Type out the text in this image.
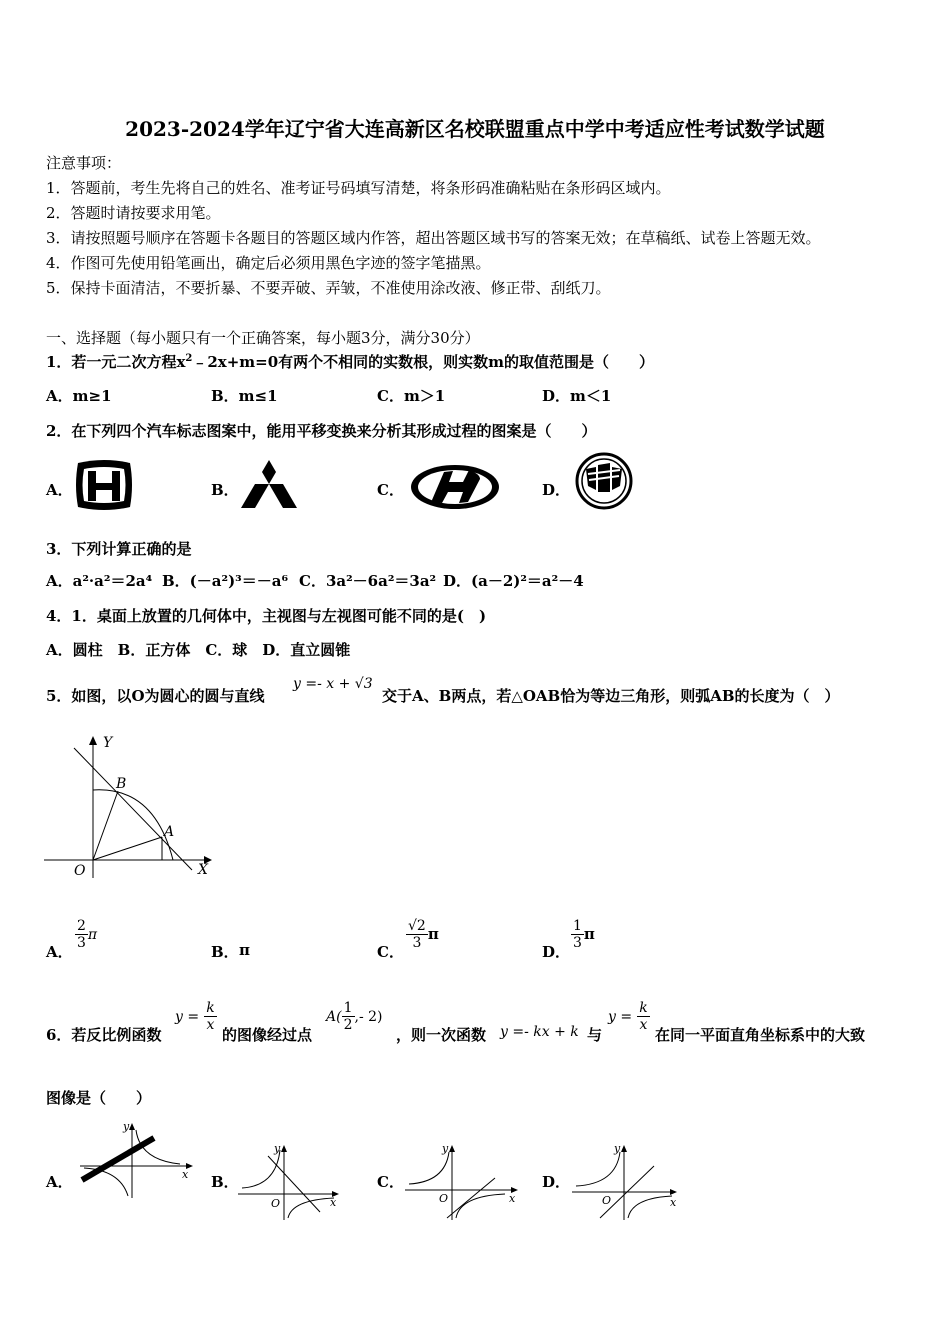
2023-2024学年辽宁省大连高新区名校联盟重点中学中考适应性考试数学试题
注意事项：
1．答题前，考生先将自己的姓名、准考证号码填写清楚，将条形码准确粘贴在条形码区域内。
2．答题时请按要求用笔。
3．请按照题号顺序在答题卡各题目的答题区域内作答，超出答题区域书写的答案无效；在草稿纸、试卷上答题无效。
4．作图可先使用铅笔画出，确定后必须用黑色字迹的签字笔描黑。
5．保持卡面清洁，不要折暴、不要弄破、弄皱，不准使用涂改液、修正带、刮纸刀。
一、选择题（每小题只有一个正确答案，每小题3分，满分30分）
1．若一元二次方程$x^2﹣2x+m=0$有两个不相同的实数根，则实数m的取值范围是（　　）
A．m≥1	B．m≤1	C．m＞1	D．m＜1
2．在下列四个汽车标志图案中，能用平移变换来分析其形成过程的图案是（　　）
A．	B．	C．	D．
3．下列计算正确的是
A．a²·a²＝2a⁴ B．(－a²)³＝－a⁶ C．3a²－6a²＝3a² D．(a－2)²＝a²－4
4．1．桌面上放置的几何体中，主视图与左视图可能不同的是(　)
A．圆柱　B．正方体　C．球　D．直立圆锥
5．如图，以O为圆心的圆与直线
y =- x + √3
交于A、B两点，若△OAB恰为等边三角形，则弧AB的长度为（　）
Y
X
O
A
B
A．
$\frac{2}{3}$ π
B． π	C．
$\frac{√2}{3}$ π
D．
$\frac{1}{3}$ π
6．若反比例函数
$y = \frac{k}{x}$
的图像经过点
$A( \frac{1}{2}$ ,- 2)
，则一次函数 y =- kx + k 与
$y = \frac{k}{x}$
在同一平面直角坐标系中的大致
图像是（　　）
A．	B．	C．	D．
y
x
y
x
O
y
x
O
y
x
O
